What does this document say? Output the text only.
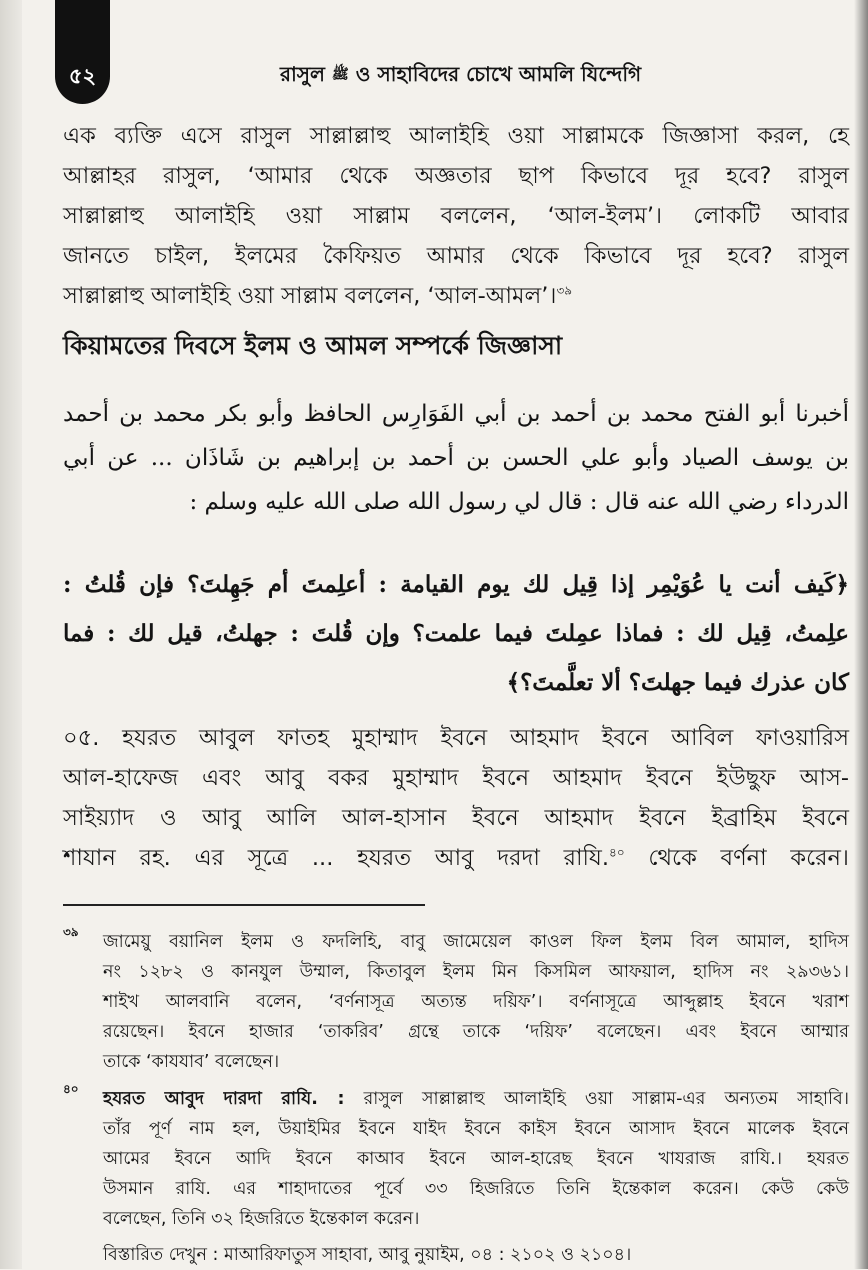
৫২	রাসুল ﷺ ও সাহাবিদের চোখে আমলি যিন্দেগি

এক ব্যক্তি এসে রাসুল সাল্লাল্লাহু আলাইহি ওয়া সাল্লামকে জিজ্ঞাসা করল, হে

আল্লাহর রাসুল, ‘আমার থেকে অজ্ঞতার ছাপ কিভাবে দূর হবে? রাসুল

সাল্লাল্লাহু আলাইহি ওয়া সাল্লাম বললেন, ‘আল-ইলম’। লোকটি আবার

জানতে চাইল, ইলমের কৈফিয়ত আমার থেকে কিভাবে দূর হবে? রাসুল

সাল্লাল্লাহু আলাইহি ওয়া সাল্লাম বললেন, ‘আল-আমল’।$^{৩৯}$

কিয়ামতের দিবসে ইলম ও আমল সম্পর্কে জিজ্ঞাসা

أخبرنا أبو الفتح محمد بن أحمد بن أبي الفَوَارِس الحافظ وأبو بكر محمد بن أحمد

بن يوسف الصياد وأبو علي الحسن بن أحمد بن إبراهيم بن شَاذَان ... عن أبي

الدرداء رضي الله عنه قال : قال لي رسول الله صلى الله عليه وسلم :

﴿كَيف أنت يا عُوَيْمِر إذا قِيل لك يوم القيامة : أعلِمتَ أم جَهِلتَ؟ فإن قُلتُ :

علِمتُ، قِيل لك : فماذا عمِلتَ فيما علمت؟ وإن قُلتَ : جهلتُ، قيل لك : فما

كان عذرك فيما جهلتَ؟ ألا تعلَّمتَ؟﴾

০৫. হযরত আবুল ফাতহ মুহাম্মাদ ইবনে আহমাদ ইবনে আবিল ফাওয়ারিস

আল-হাফেজ এবং আবু বকর মুহাম্মাদ ইবনে আহমাদ ইবনে ইউছুফ আস-

সাইয়্যাদ ও আবু আলি আল-হাসান ইবনে আহমাদ ইবনে ইব্রাহিম ইবনে

শাযান রহ. এর সূত্রে ... হযরত আবু দরদা রাযি.$^{৪০}$ থেকে বর্ণনা করেন।

৩৯ জামেয়ু বয়ানিল ইলম ও ফদলিহি, বাবু জামেয়েল কাওল ফিল ইলম বিল আমাল, হাদিস

নং ১২৮২ ও কানযুল উম্মাল, কিতাবুল ইলম মিন কিসমিল আফয়াল, হাদিস নং ২৯৩৬১।

শাইখ আলবানি বলেন, ‘বর্ণনাসূত্র অত্যন্ত দয়িফ’। বর্ণনাসূত্রে আব্দুল্লাহ ইবনে খরাশ

রয়েছেন। ইবনে হাজার ‘তাকরিব’ গ্রন্থে তাকে ‘দয়িফ’ বলেছেন। এবং ইবনে আম্মার

তাকে ‘কাযযাব’ বলেছেন।

৪০ হযরত আবুদ দারদা রাযি. : রাসুল সাল্লাল্লাহু আলাইহি ওয়া সাল্লাম-এর অন্যতম সাহাবি।

তাঁর পূর্ণ নাম হল, উয়াইমির ইবনে যাইদ ইবনে কাইস ইবনে আসাদ ইবনে মালেক ইবনে

আমের ইবনে আদি ইবনে কাআব ইবনে আল-হারেছ ইবনে খাযরাজ রাযি.। হযরত

উসমান রাযি. এর শাহাদাতের পূর্বে ৩৩ হিজরিতে তিনি ইন্তেকাল করেন। কেউ কেউ

বলেছেন, তিনি ৩২ হিজরিতে ইন্তেকাল করেন।

বিস্তারিত দেখুন : মাআরিফাতুস সাহাবা, আবু নুয়াইম, ০৪ : ২১০২ ও ২১০৪।
